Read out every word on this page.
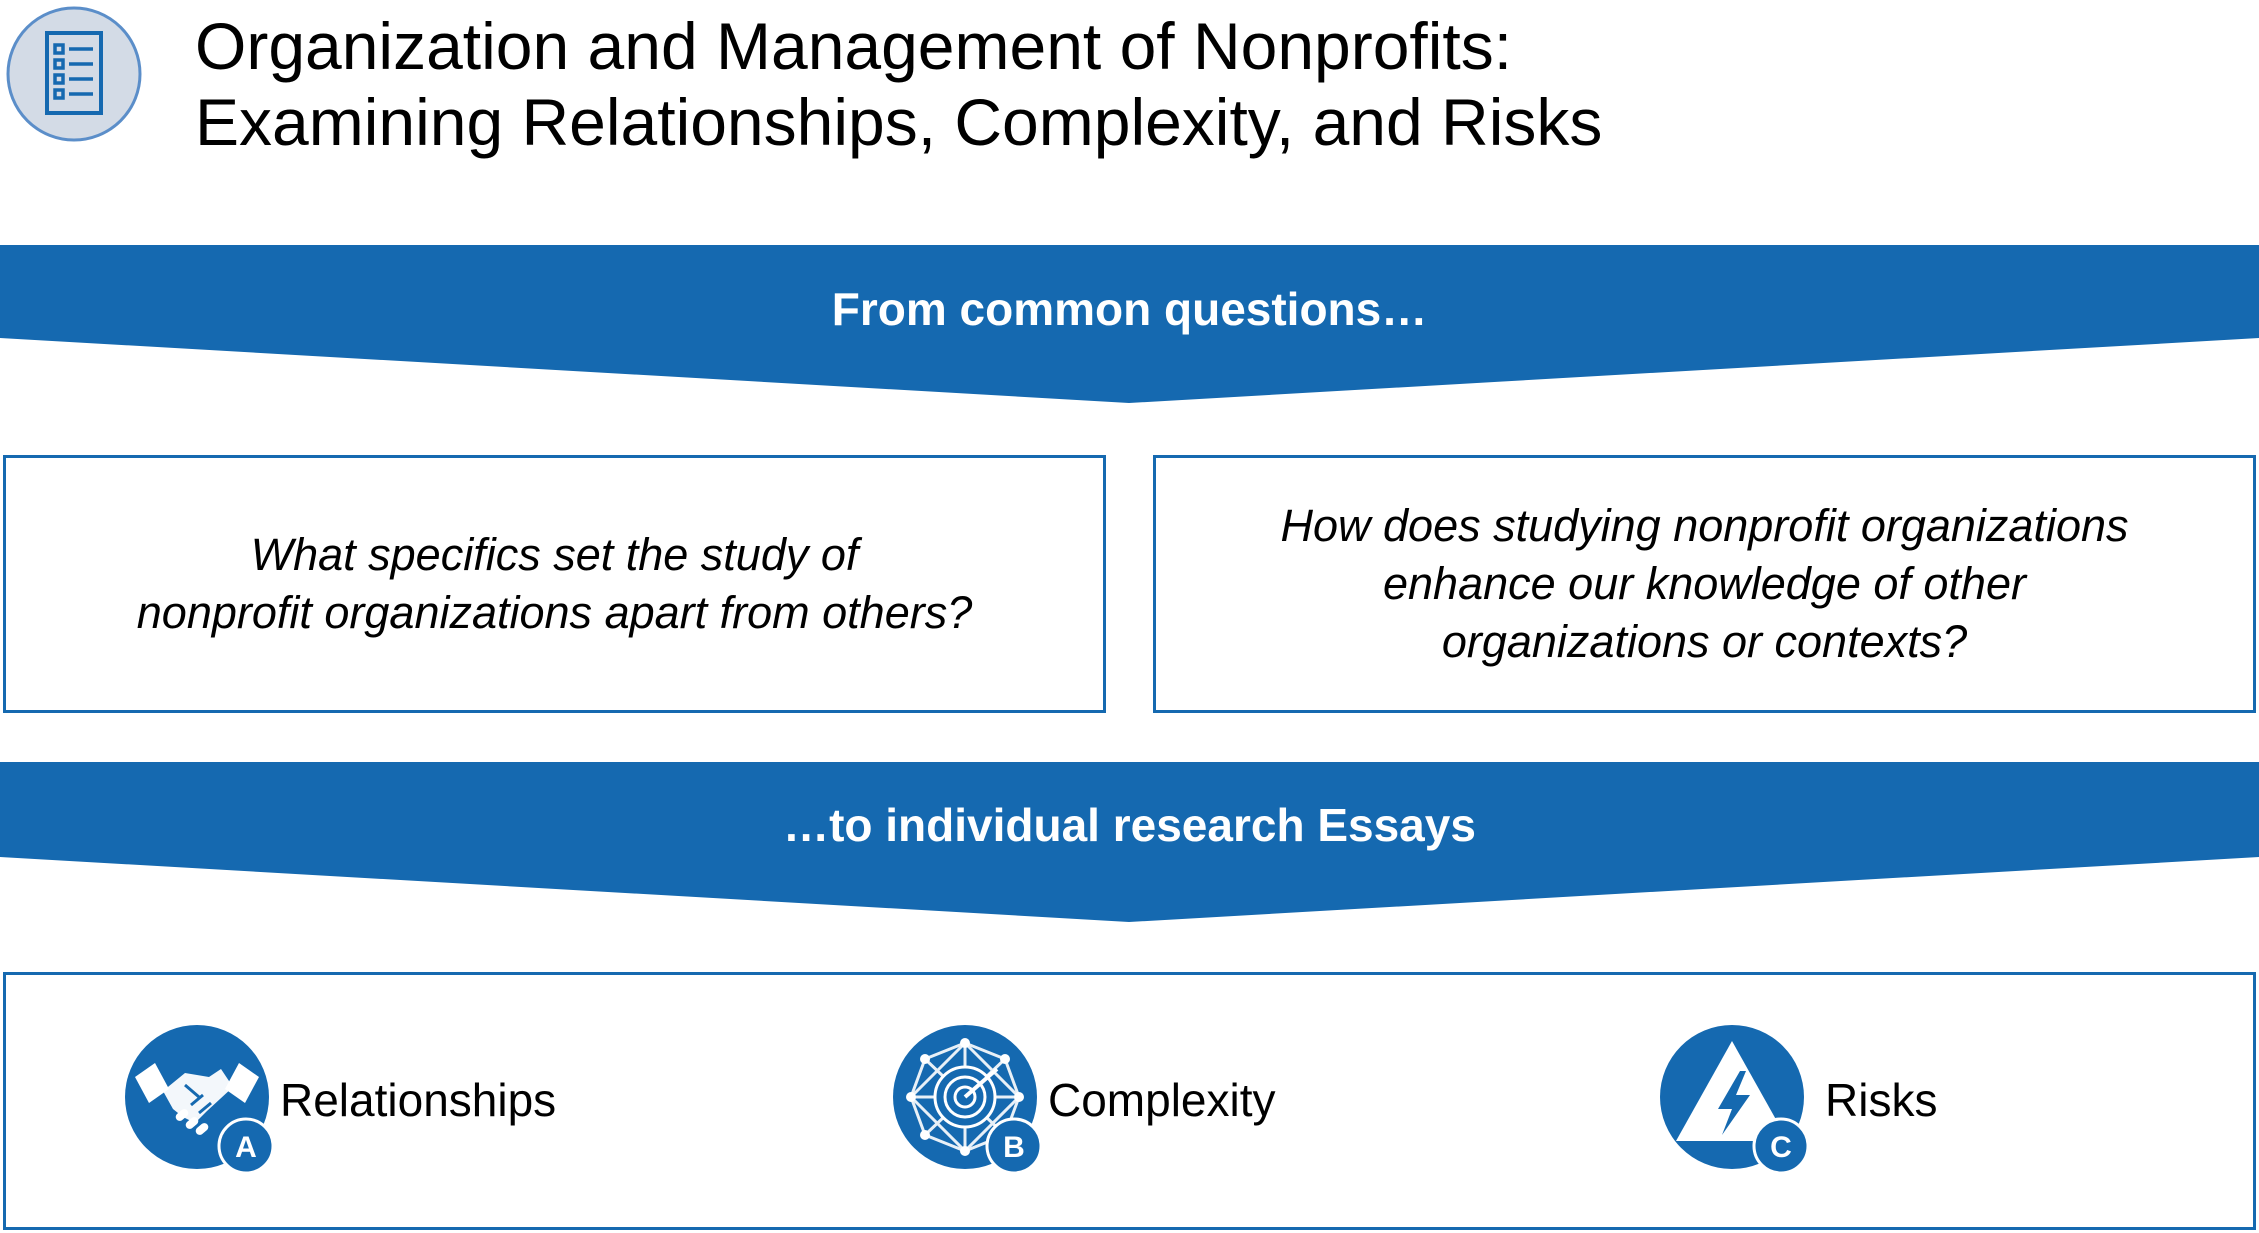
Organization and Management of Nonprofits:
Examining Relationships, Complexity, and Risks
From common questions…
What specifics set the study of
nonprofit organizations apart from others?
How does studying nonprofit organizations
enhance our knowledge of other
organizations or contexts?
…to individual research Essays
A
Relationships
B
Complexity
C
Risks
